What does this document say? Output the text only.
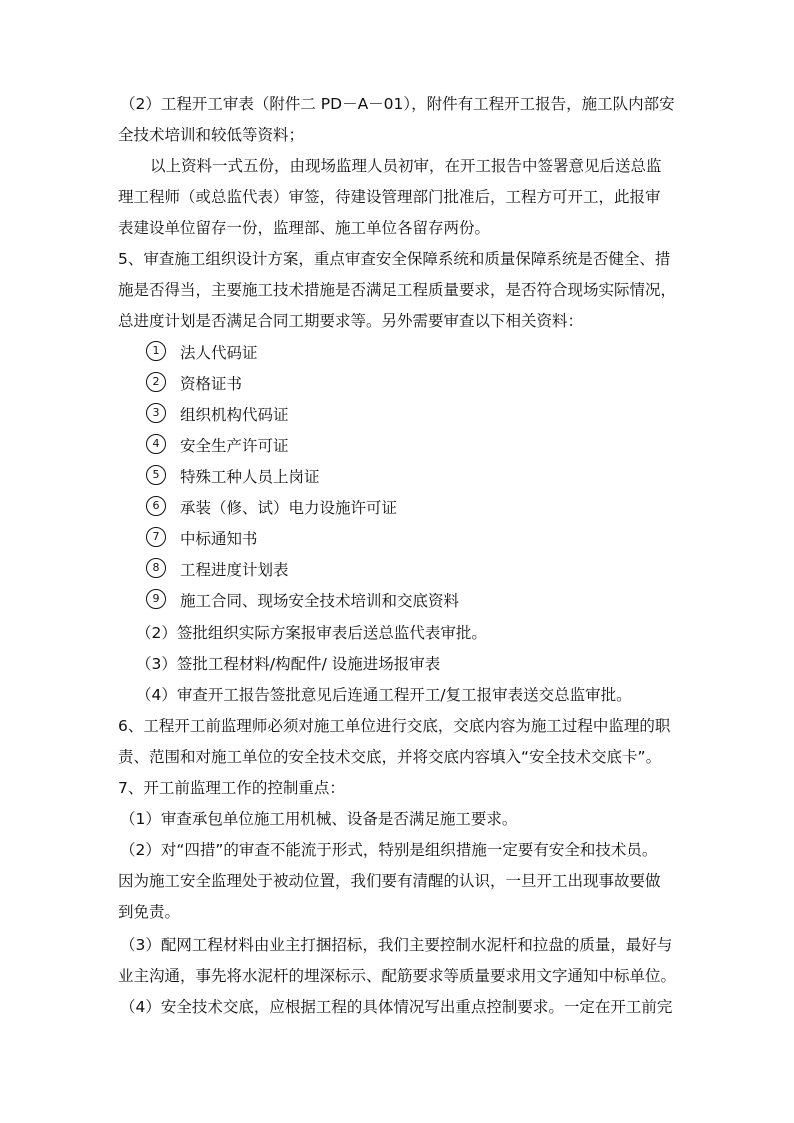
（2）工程开工审表（附件二 PD－A－01），附件有工程开工报告，施工队内部安
全技术培训和较低等资料；
以上资料一式五份，由现场监理人员初审，在开工报告中签署意见后送总监
理工程师（或总监代表）审签，待建设管理部门批准后，工程方可开工，此报审
表建设单位留存一份，监理部、施工单位各留存两份。
5、审查施工组织设计方案，重点审查安全保障系统和质量保障系统是否健全、措
施是否得当，主要施工技术措施是否满足工程质量要求，是否符合现场实际情况，
总进度计划是否满足合同工期要求等。另外需要审查以下相关资料：
1 法人代码证
2 资格证书
3 组织机构代码证
4 安全生产许可证
5 特殊工种人员上岗证
6 承装（修、试）电力设施许可证
7 中标通知书
8 工程进度计划表
9 施工合同、现场安全技术培训和交底资料
（2）签批组织实际方案报审表后送总监代表审批。
（3）签批工程材料/构配件/ 设施进场报审表
（4）审查开工报告签批意见后连通工程开工/复工报审表送交总监审批。
6、工程开工前监理师必须对施工单位进行交底，交底内容为施工过程中监理的职
责、范围和对施工单位的安全技术交底，并将交底内容填入“安全技术交底卡”。
7、开工前监理工作的控制重点：
（1）审查承包单位施工用机械、设备是否满足施工要求。
（2）对“四措”的审查不能流于形式，特别是组织措施一定要有安全和技术员。
因为施工安全监理处于被动位置，我们要有清醒的认识，一旦开工出现事故要做
到免责。
（3）配网工程材料由业主打捆招标，我们主要控制水泥杆和拉盘的质量，最好与
业主沟通，事先将水泥杆的埋深标示、配筋要求等质量要求用文字通知中标单位。
（4）安全技术交底，应根据工程的具体情况写出重点控制要求。一定在开工前完
